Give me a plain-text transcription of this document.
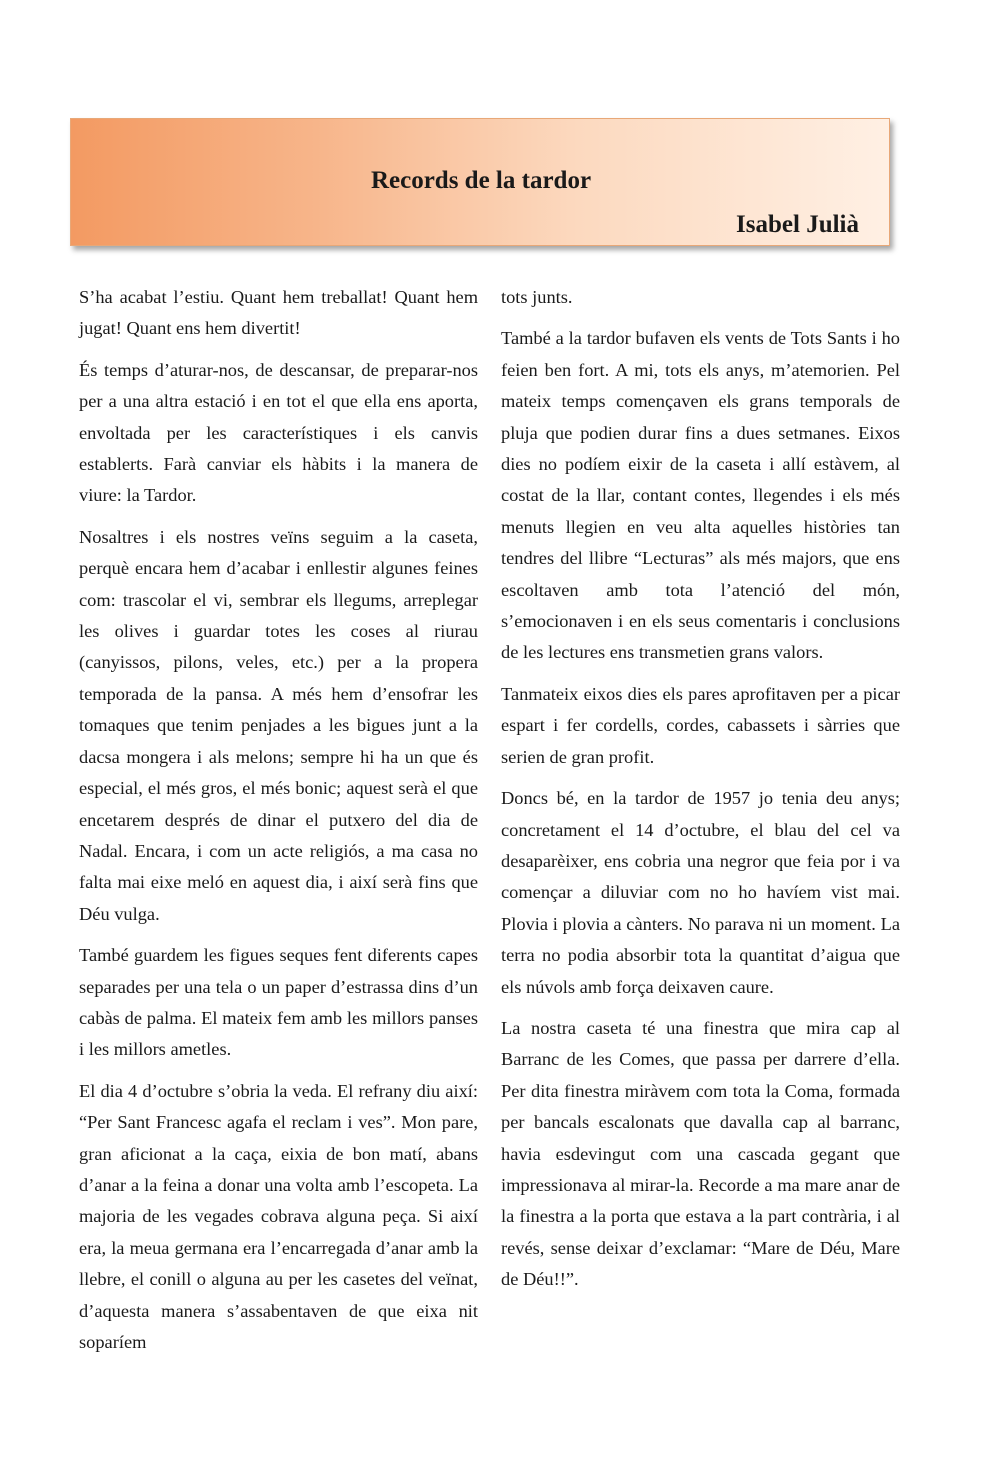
Records de la tardor
Isabel Julià

S’ha acabat l’estiu. Quant hem treballat! Quant hem jugat! Quant ens hem divertit!

És temps d’aturar-nos, de descansar, de preparar-nos per a una altra estació i en tot el que ella ens aporta, envoltada per les característiques i els canvis establerts. Farà canviar els hàbits i la manera de viure: la Tardor.

Nosaltres i els nostres veïns seguim a la caseta, perquè encara hem d’acabar i enllestir algunes feines com: trascolar el vi, sembrar els llegums, arreplegar les olives i guardar totes les coses al riurau (canyissos, pilons, veles, etc.) per a la propera temporada de la pansa. A més hem d’ensofrar les tomaques que tenim penjades a les bigues junt a la dacsa mongera i als melons; sempre hi ha un que és especial, el més gros, el més bonic; aquest serà el que encetarem després de dinar el putxero del dia de Nadal. Encara, i com un acte religiós, a ma casa no falta mai eixe meló en aquest dia, i així serà fins que Déu vulga.

També guardem les figues seques fent diferents capes separades per una tela o un paper d’estrassa dins d’un cabàs de palma. El mateix fem amb les millors panses i les millors ametles.

El dia 4 d’octubre s’obria la veda. El refrany diu així: “Per Sant Francesc agafa el reclam i ves”. Mon pare, gran aficionat a la caça, eixia de bon matí, abans d’anar a la feina a donar una volta amb l’escopeta. La majoria de les vegades cobrava alguna peça. Si així era, la meua germana era l’encarregada d’anar amb la llebre, el conill o alguna au per les casetes del veïnat, d’aquesta manera s’assabentaven de que eixa nit soparíem

tots junts.

També a la tardor bufaven els vents de Tots Sants i ho feien ben fort. A mi, tots els anys, m’atemorien. Pel mateix temps començaven els grans temporals de pluja que podien durar fins a dues setmanes. Eixos dies no podíem eixir de la caseta i allí estàvem, al costat de la llar, contant contes, llegendes i els més menuts llegien en veu alta aquelles històries tan tendres del llibre “Lecturas” als més majors, que ens escoltaven amb tota l’atenció del món, s’emocionaven i en els seus comentaris i conclusions de les lectures ens transmetien grans valors.

Tanmateix eixos dies els pares aprofitaven per a picar espart i fer cordells, cordes, cabassets i sàrries que serien de gran profit.

Doncs bé, en la tardor de 1957 jo tenia deu anys; concretament el 14 d’octubre, el blau del cel va desaparèixer, ens cobria una negror que feia por i va començar a diluviar com no ho havíem vist mai. Plovia i plovia a cànters. No parava ni un moment. La terra no podia absorbir tota la quantitat d’aigua que els núvols amb força deixaven caure.

La nostra caseta té una finestra que mira cap al Barranc de les Comes, que passa per darrere d’ella. Per dita finestra miràvem com tota la Coma, formada per bancals escalonats que davalla cap al barranc, havia esdevingut com una cascada gegant que impressionava al mirar-la. Recorde a ma mare anar de la finestra a la porta que estava a la part contrària, i al revés, sense deixar d’exclamar: “Mare de Déu, Mare de Déu!!”.
